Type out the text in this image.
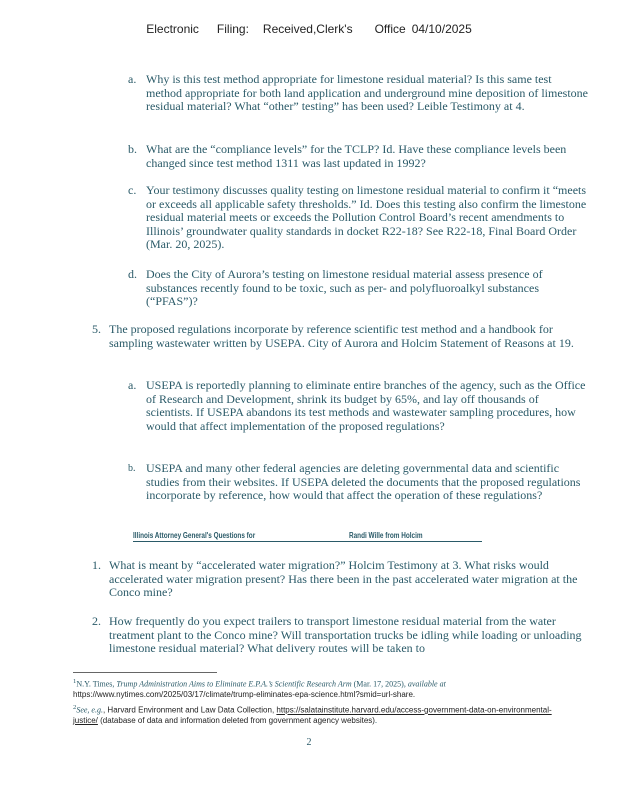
Electronic Filing: Received,Clerk's Office 04/10/2025
a. Why is this test method appropriate for limestone residual material? Is this same test method appropriate for both land application and underground mine deposition of limestone residual material? What “other” testing” has been used? Leible Testimony at 4.
b. What are the “compliance levels” for the TCLP? Id. Have these compliance levels been changed since test method 1311 was last updated in 1992?
c. Your testimony discusses quality testing on limestone residual material to confirm it “meets or exceeds all applicable safety thresholds.” Id. Does this testing also confirm the limestone residual material meets or exceeds the Pollution Control Board’s recent amendments to Illinois’ groundwater quality standards in docket R22-18? See R22-18, Final Board Order (Mar. 20, 2025).
d. Does the City of Aurora’s testing on limestone residual material assess presence of substances recently found to be toxic, such as per- and polyfluoroalkyl substances (“PFAS”)?
5. The proposed regulations incorporate by reference scientific test method and a handbook for sampling wastewater written by USEPA. City of Aurora and Holcim Statement of Reasons at 19.
a. USEPA is reportedly planning to eliminate entire branches of the agency, such as the Office of Research and Development, shrink its budget by 65%, and lay off thousands of scientists. If USEPA abandons its test methods and wastewater sampling procedures, how would that affect implementation of the proposed regulations?
b. USEPA and many other federal agencies are deleting governmental data and scientific studies from their websites. If USEPA deleted the documents that the proposed regulations incorporate by reference, how would that affect the operation of these regulations?
Illinois Attorney General's Questions for	Randi Wille from Holcim
1. What is meant by “accelerated water migration?” Holcim Testimony at 3. What risks would accelerated water migration present? Has there been in the past accelerated water migration at the Conco mine?
2. How frequently do you expect trailers to transport limestone residual material from the water treatment plant to the Conco mine? Will transportation trucks be idling while loading or unloading limestone residual material? What delivery routes will be taken to
$^1$N.Y. Times, Trump Administration Aims to Eliminate E.P.A.’s Scientific Research Arm (Mar. 17, 2025), available at https://www.nytimes.com/2025/03/17/climate/trump-eliminates-epa-science.html?smid=url-share.
$^2$See, e.g., Harvard Environment and Law Data Collection, https://salatainstitute.harvard.edu/access-government-data-on-environmental-justice/ (database of data and information deleted from government agency websites).
2
